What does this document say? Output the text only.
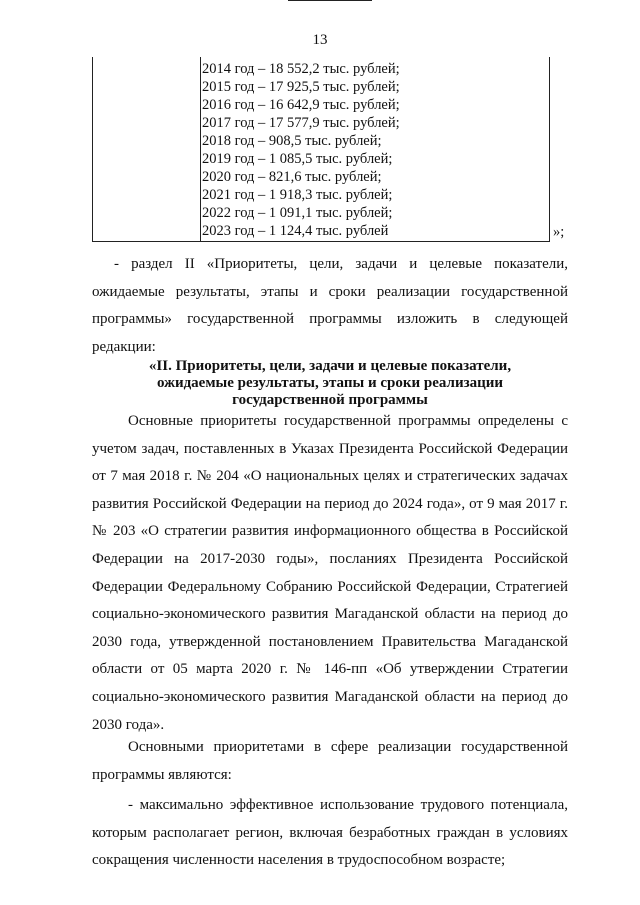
13
2014 год – 18 552,2 тыс. рублей;
2015 год – 17 925,5 тыс. рублей;
2016 год – 16 642,9 тыс. рублей;
2017 год – 17 577,9 тыс. рублей;
2018 год – 908,5 тыс. рублей;
2019 год – 1 085,5 тыс. рублей;
2020 год – 821,6 тыс. рублей;
2021 год – 1 918,3 тыс. рублей;
2022 год – 1 091,1 тыс. рублей;
2023 год – 1 124,4 тыс. рублей	»;
- раздел II «Приоритеты, цели, задачи и целевые показатели, ожидаемые результаты, этапы и сроки реализации государственной программы» государственной программы изложить в следующей редакции:
«II. Приоритеты, цели, задачи и целевые показатели,
ожидаемые результаты, этапы и сроки реализации
государственной программы
Основные приоритеты государственной программы определены с учетом задач, поставленных в Указах Президента Российской Федерации от 7 мая 2018 г. № 204 «О национальных целях и стратегических задачах развития Российской Федерации на период до 2024 года», от 9 мая 2017 г. № 203 «О стратегии развития информационного общества в Российской Федерации на 2017-2030 годы», посланиях Президента Российской Федерации Федеральному Собранию Российской Федерации, Стратегией социально-экономического развития Магаданской области на период до 2030 года, утвержденной постановлением Правительства Магаданской области от 05 марта 2020 г. № 146-пп «Об утверждении Стратегии социально-экономического развития Магаданской области на период до 2030 года».
Основными приоритетами в сфере реализации государственной программы являются:
- максимально эффективное использование трудового потенциала, которым располагает регион, включая безработных граждан в условиях сокращения численности населения в трудоспособном возрасте;
